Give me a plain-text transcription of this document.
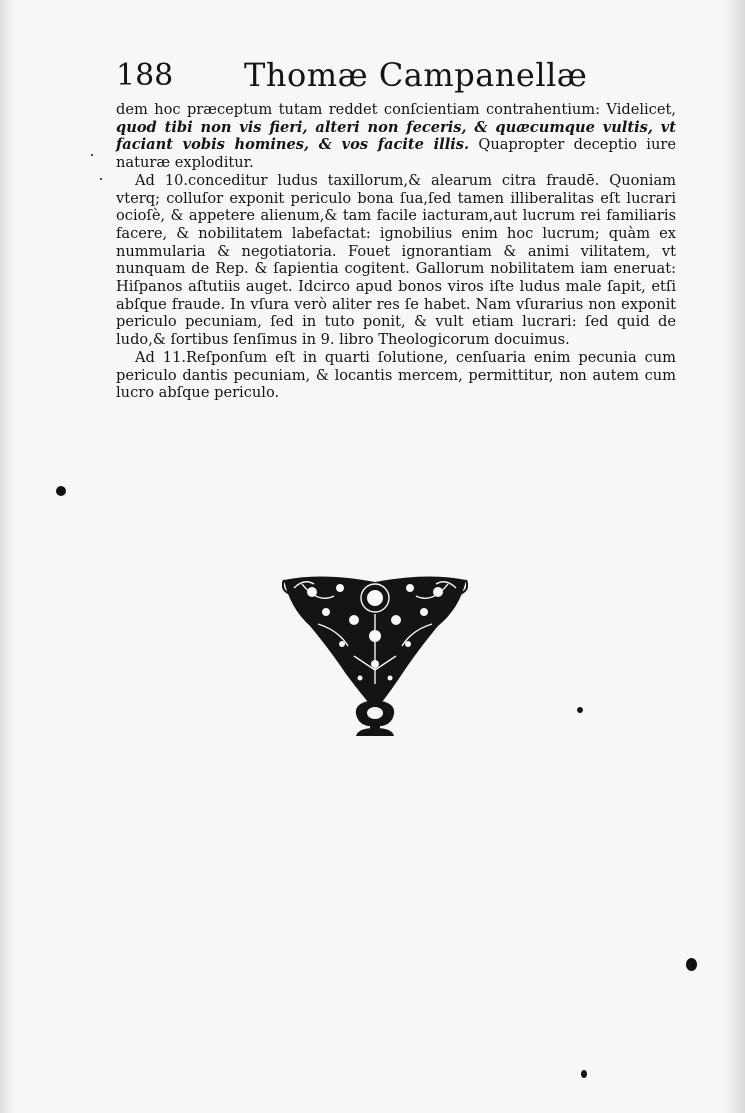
188 Thomæ Campanellæ

dem hoc præceptum tutam reddet conſcientiam contrahentium: Videlicet, quod tibi non vis fieri, alteri non feceris, & quæcumque vultis, vt faciant vobis homines, & vos facite illis. Quapropter deceptio iure naturæ exploditur.

Ad 10.conceditur ludus taxillorum,& alearum citra fraudē. Quoniam vterq; colluſor exponit periculo bona ſua,ſed tamen illiberalitas eſt lucrari ocioſè, & appetere alienum,& tam facile iacturam,aut lucrum rei familiaris facere, & nobilitatem labefactat: ignobilius enim hoc lucrum; quàm ex nummularia & negotiatoria. Fouet ignorantiam & animi vilitatem, vt nunquam de Rep. & ſapientia cogitent. Gallorum nobilitatem iam eneruat: Hiſpanos aſtutiis auget. Idcirco apud bonos viros iſte ludus male ſapit, etſi abſque fraude. In vſura verò aliter res ſe habet. Nam vſurarius non exponit periculo pecuniam, ſed in tuto ponit, & vult etiam lucrari: ſed quid de ludo,& ſortibus ſenſimus in 9. libro Theologicorum docuimus.

Ad 11.Reſponſum eſt in quarti ſolutione, cenſuaria enim pecunia cum periculo dantis pecuniam, & locantis mercem, permittitur, non autem cum lucro abſque periculo.
